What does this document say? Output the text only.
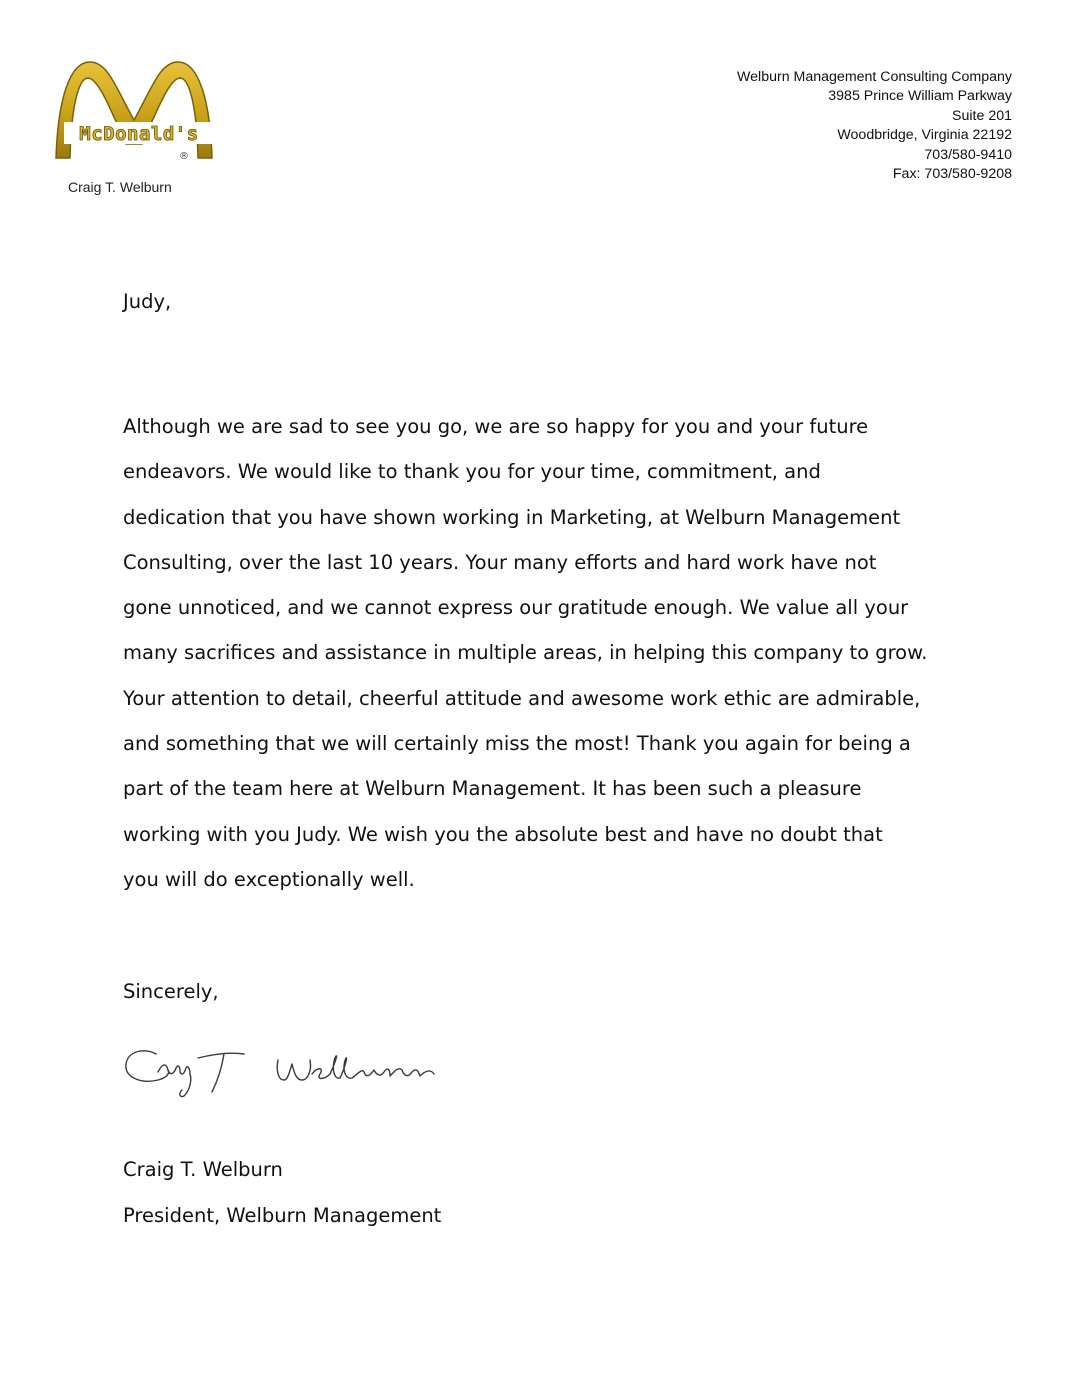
McDonald's
®
Craig T. Welburn
Welburn Management Consulting Company
3985 Prince William Parkway
Suite 201
Woodbridge, Virginia 22192
703/580-9410
Fax: 703/580-9208
Judy,
Although we are sad to see you go, we are so happy for you and your future
endeavors. We would like to thank you for your time, commitment, and
dedication that you have shown working in Marketing, at Welburn Management
Consulting, over the last 10 years. Your many efforts and hard work have not
gone unnoticed, and we cannot express our gratitude enough. We value all your
many sacrifices and assistance in multiple areas, in helping this company to grow.
Your attention to detail, cheerful attitude and awesome work ethic are admirable,
and something that we will certainly miss the most! Thank you again for being a
part of the team here at Welburn Management. It has been such a pleasure
working with you Judy. We wish you the absolute best and have no doubt that
you will do exceptionally well.
Sincerely,
Craig T. Welburn
President, Welburn Management
